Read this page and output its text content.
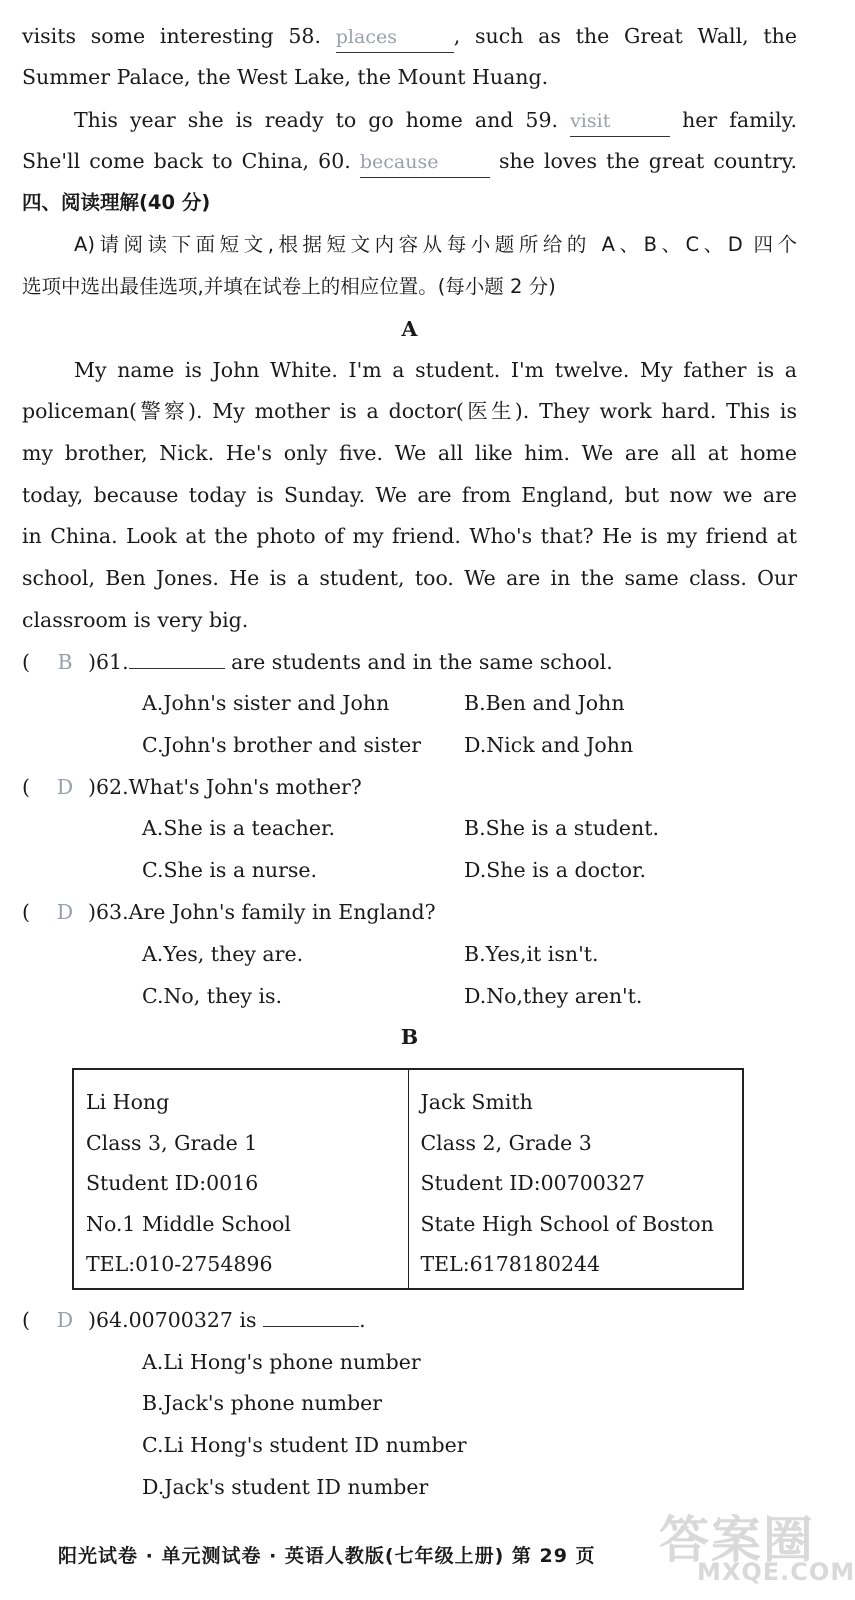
visits some interesting 58. places	, such as the Great Wall, the
Summer Palace, the West Lake, the Mount Huang.
This year she is ready to go home and 59. visit	her family.
She'll come back to China, 60. because	she loves the great country.
四、阅读理解(40 分)
A)请阅读下面短文,根据短文内容从每小题所给的 A、B、C、D 四个
选项中选出最佳选项,并填在试卷上的相应位置。(每小题 2 分)
A
My name is John White. I'm a student. I'm twelve. My father is a
policeman(警察). My mother is a doctor(医生). They work hard. This is
my brother, Nick. He's only five. We all like him. We are all at home
today, because today is Sunday. We are from England, but now we are
in China. Look at the photo of my friend. Who's that? He is my friend at
school, Ben Jones. He is a student, too. We are in the same class. Our
classroom is very big.
( B )61.	are students and in the same school.
A.John's sister and John	B.Ben and John
C.John's brother and sister D.Nick and John
( D )62.What's John's mother?
A.She is a teacher.	B.She is a student.
C.She is a nurse.	D.She is a doctor.
( D )63.Are John's family in England?
A.Yes, they are.	B.Yes,it isn't.
C.No, they is.	D.No,they aren't.
B
Li Hong
Class 3, Grade 1
Student ID:0016
No.1 Middle School
TEL:010-2754896

Jack Smith
Class 2, Grade 3
Student ID:00700327
State High School of Boston
TEL:6178180244
( D )64.00700327 is	.
A.Li Hong's phone number
B.Jack's phone number
C.Li Hong's student ID number
D.Jack's student ID number
阳光试卷 · 单元测试卷 · 英语人教版(七年级上册) 第 29 页 答案圈
MXQE.COM
